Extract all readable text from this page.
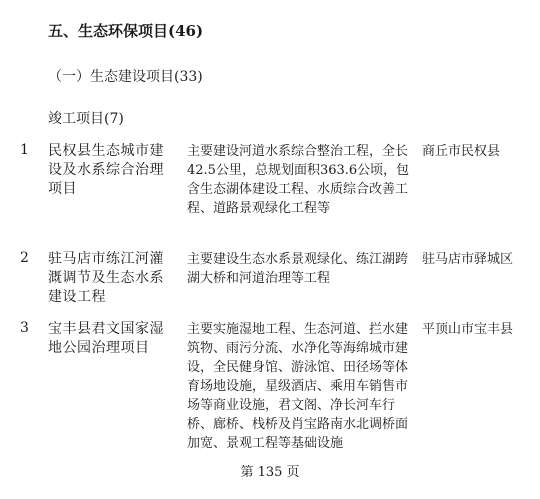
五、生态环保项目(46)
（一）生态建设项目(33)
竣工项目(7)
1 民权县生态城市建设及水系综合治理项目
主要建设河道水系综合整治工程，全长42.5公里，总规划面积363.6公顷，包含生态湖体建设工程、水质综合改善工程、道路景观绿化工程等
商丘市民权县
2 驻马店市练江河灌溉调节及生态水系建设工程
主要建设生态水系景观绿化、练江湖跨湖大桥和河道治理等工程
驻马店市驿城区
3 宝丰县君文国家湿地公园治理项目
主要实施湿地工程、生态河道、拦水建筑物、雨污分流、水净化等海绵城市建设，全民健身馆、游泳馆、田径场等体育场地设施，星级酒店、乘用车销售市场等商业设施，君文阁、净长河车行桥、廊桥、栈桥及肖宝路南水北调桥面加宽、景观工程等基础设施
平顶山市宝丰县
第 135 页
